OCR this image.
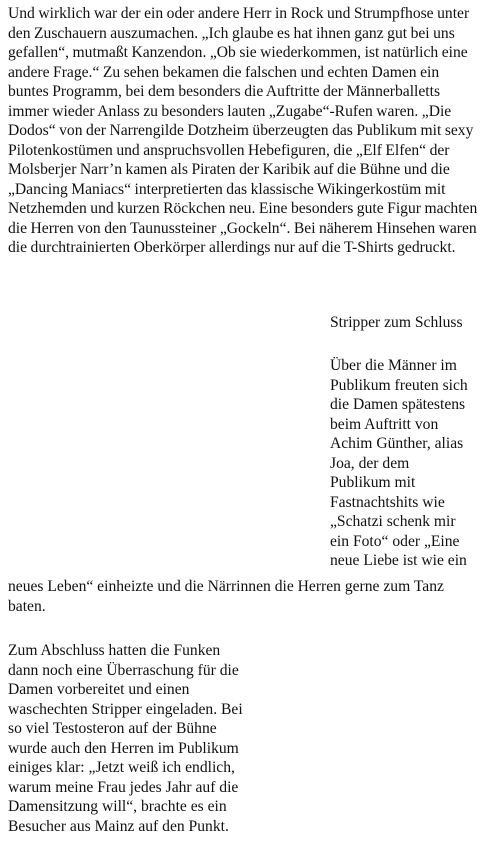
Und wirklich war der ein oder andere Herr in Rock und Strumpfhose unter den Zuschauern auszumachen. „Ich glaube es hat ihnen ganz gut bei uns gefallen“, mutmaßt Kanzendon. „Ob sie wiederkommen, ist natürlich eine andere Frage.“ Zu sehen bekamen die falschen und echten Damen ein buntes Programm, bei dem besonders die Auftritte der Männerballetts immer wieder Anlass zu besonders lauten „Zugabe“-Rufen waren. „Die Dodos“ von der Narrengilde Dotzheim überzeugten das Publikum mit sexy Pilotenkostümen und anspruchsvollen Hebefiguren, die „Elf Elfen“ der Molsberjer Narr’n kamen als Piraten der Karibik auf die Bühne und die „Dancing Maniacs“ interpretierten das klassische Wikingerkostüm mit Netzhemden und kurzen Röckchen neu. Eine besonders gute Figur machten die Herren von den Taunussteiner „Gockeln“. Bei näherem Hinsehen waren die durchtrainierten Oberkörper allerdings nur auf die T-Shirts gedruckt.

Stripper zum Schluss
Über die Männer im
Publikum freuten sich
die Damen spätestens
beim Auftritt von
Achim Günther, alias
Joa, der dem
Publikum mit
Fastnachtshits wie
„Schatzi schenk mir
ein Foto“ oder „Eine
neue Liebe ist wie ein
neues Leben“ einheizte und die Närrinnen die Herren gerne zum Tanz
baten.
Zum Abschluss hatten die Funken
dann noch eine Überraschung für die
Damen vorbereitet und einen
waschechten Stripper eingeladen. Bei
so viel Testosteron auf der Bühne
wurde auch den Herren im Publikum
einiges klar: „Jetzt weiß ich endlich,
warum meine Frau jedes Jahr auf die
Damensitzung will“, brachte es ein
Besucher aus Mainz auf den Punkt.
